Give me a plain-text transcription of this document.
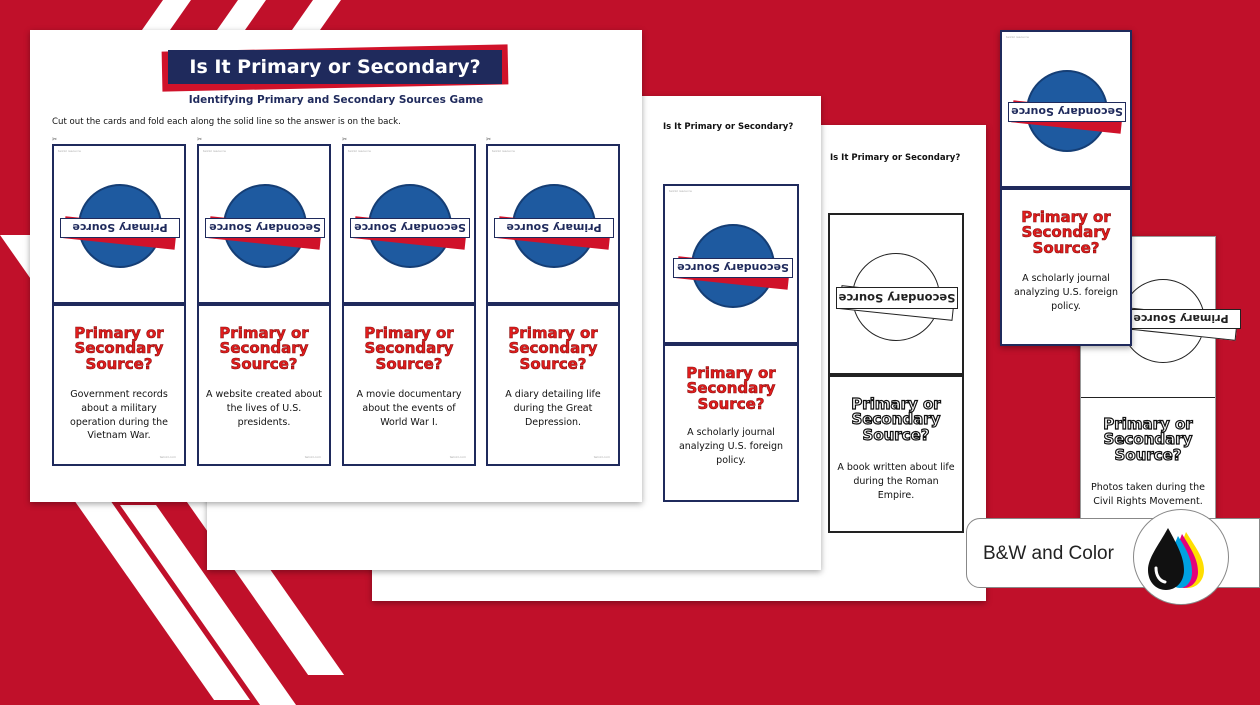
Is It Primary or Secondary?
Secondary Source
Primary or Secondary Source?
A book written about life during the Roman Empire.
Is It Primary or Secondary?
twinkl resource
Secondary Source
Primary or Secondary Source?
A scholarly journal analyzing U.S. foreign policy.
Is It Primary or Secondary?
Identifying Primary and Secondary Sources Game
Cut out the cards and fold each along the solid line so the answer is on the back.
✂
twinkl resource
Primary Source
Primary or Secondary Source?
Government records about a military operation during the Vietnam War.
twinkl.com
✂
twinkl resource
Secondary Source
Primary or Secondary Source?
A website created about the lives of U.S. presidents.
twinkl.com
✂
twinkl resource
Secondary Source
Primary or Secondary Source?
A movie documentary about the events of World War I.
twinkl.com
✂
twinkl resource
Primary Source
Primary or Secondary Source?
A diary detailing life during the Great Depression.
twinkl.com
Primary Source
Primary or Secondary Source?
Photos taken during the Civil Rights Movement.
twinkl resource
Secondary Source
Primary or Secondary Source?
A scholarly journal analyzing U.S. foreign policy.
B&W and Color
